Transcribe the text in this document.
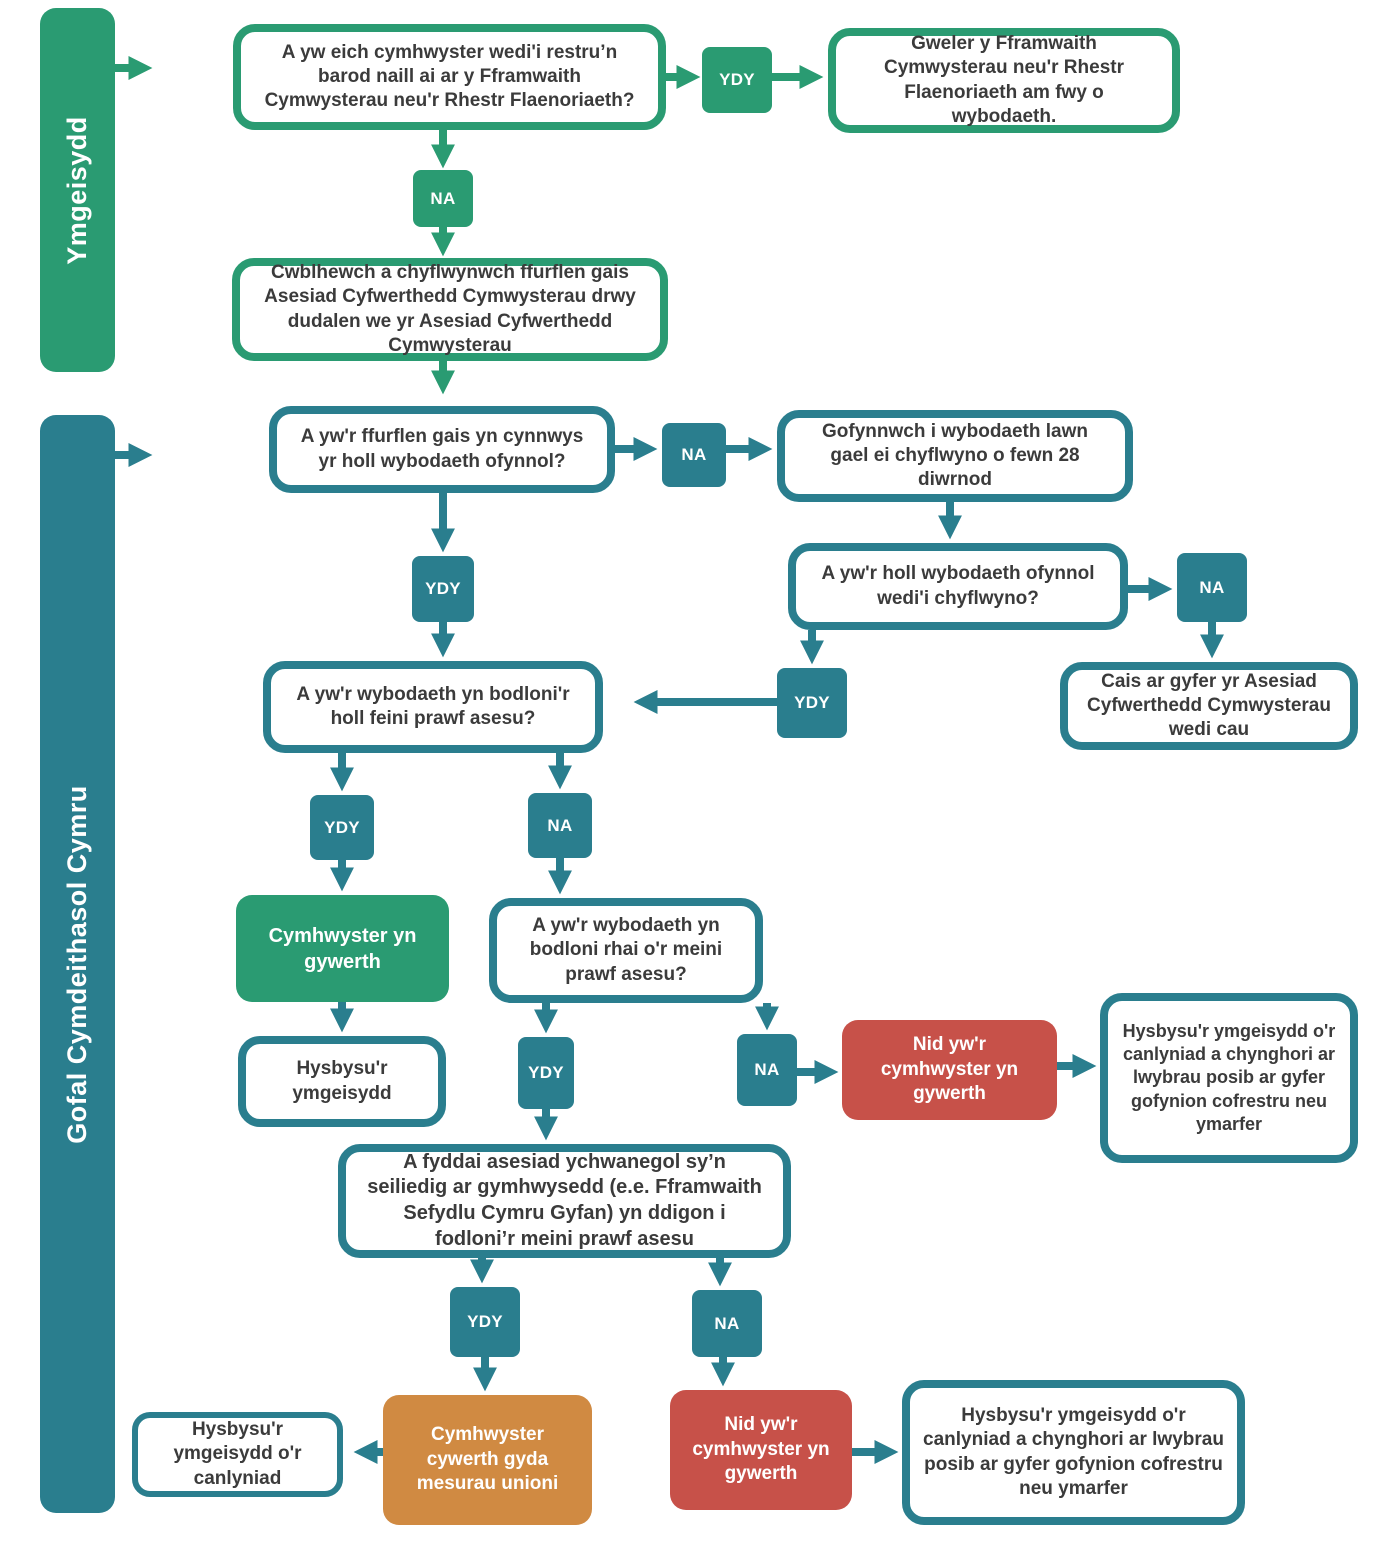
Ymgeisydd
Gofal Cymdeithasol Cymru
A yw eich cymhwyster wedi'i restru’n barod naill ai ar y Fframwaith Cymwysterau neu'r Rhestr Flaenoriaeth?
YDY
Gweler y Fframwaith Cymwysterau neu'r Rhestr Flaenoriaeth am fwy o wybodaeth.
NA
Cwblhewch a chyflwynwch ffurflen gais Asesiad Cyfwerthedd Cymwysterau drwy dudalen we yr Asesiad Cyfwerthedd Cymwysterau
A yw'r ffurflen gais yn cynnwys yr holl wybodaeth ofynnol?	NA
Gofynnwch i wybodaeth lawn gael ei chyflwyno o fewn 28 diwrnod
A yw'r holl wybodaeth ofynnol wedi'i chyflwyno?
NA
Cais ar gyfer yr Asesiad Cyfwerthedd Cymwysterau wedi cau
YDY
A yw'r wybodaeth yn bodloni'r holl feini prawf asesu?
YDY
YDY	NA
Cymhwyster yn gywerth
Hysbysu'r ymgeisydd
A yw'r wybodaeth yn bodloni rhai o'r meini prawf asesu?
YDY	NA
Nid yw'r cymhwyster yn gywerth
Hysbysu'r ymgeisydd o'r canlyniad a chynghori ar lwybrau posib ar gyfer gofynion cofrestru neu ymarfer
A fyddai asesiad ychwanegol sy’n seiliedig ar gymhwysedd (e.e. Fframwaith Sefydlu Cymru Gyfan) yn ddigon i fodloni’r meini prawf asesu
YDY	NA
Cymhwyster cywerth gyda mesurau unioni
Hysbysu'r ymgeisydd o'r canlyniad
Nid yw'r cymhwyster yn gywerth
Hysbysu'r ymgeisydd o'r canlyniad a chynghori ar lwybrau posib ar gyfer gofynion cofrestru neu ymarfer
